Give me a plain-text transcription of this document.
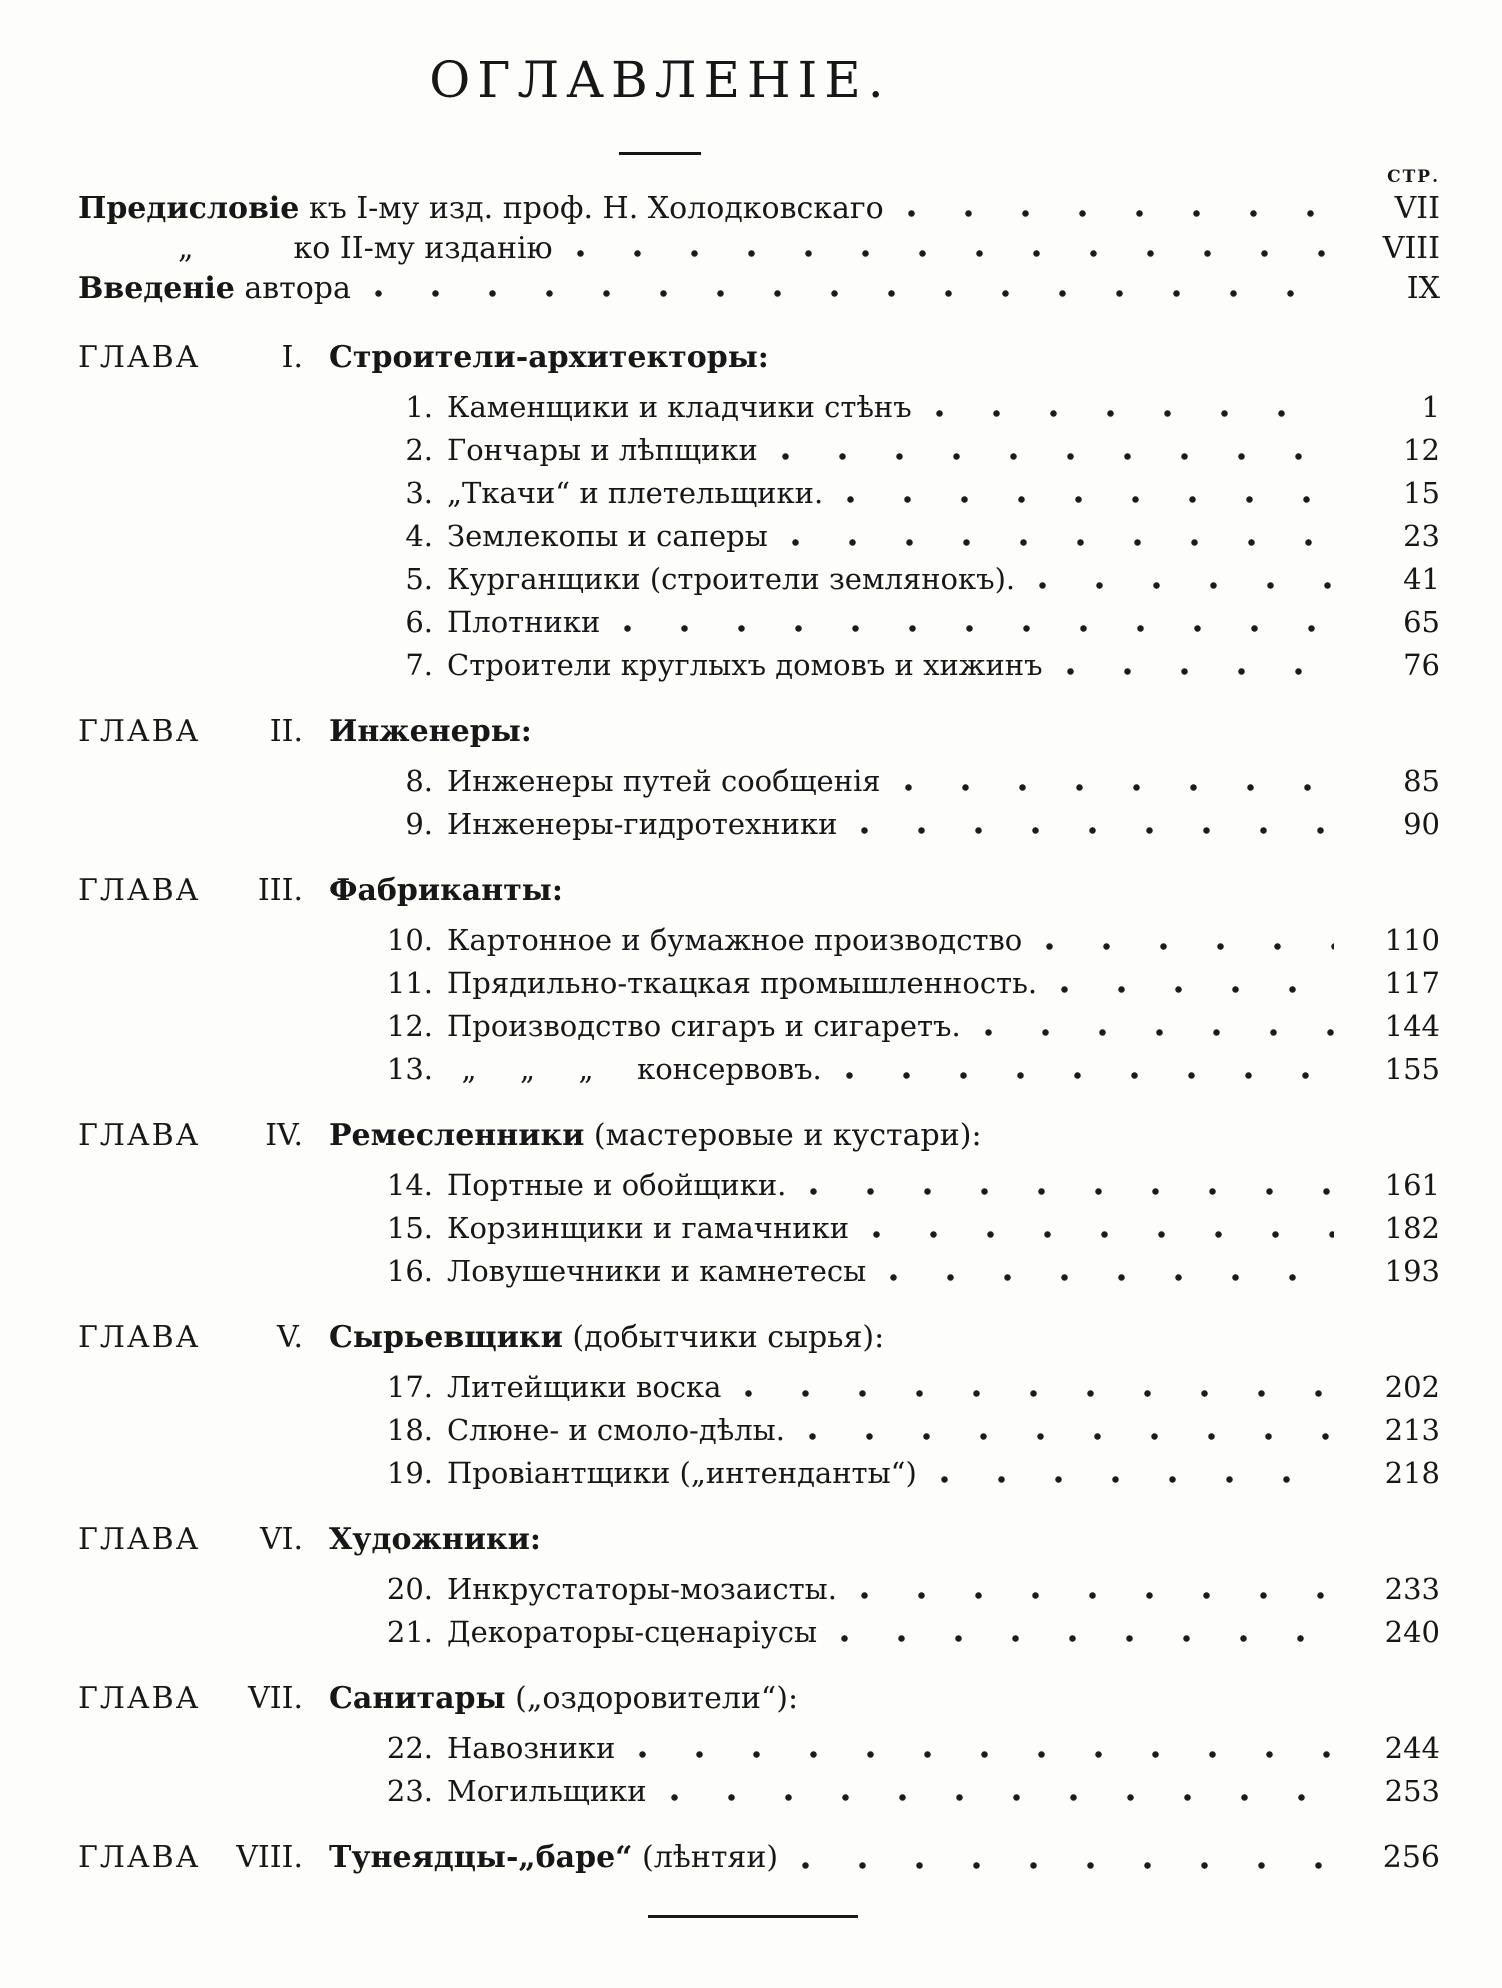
ОГЛАВЛЕНІЕ.
СТР.
Предисловіе къ I-му изд. проф. Н. Холодковскаго	VII
„	ко II-му изданію	VIII
Введеніе автора	IX
ГЛАВА	I. Строители-архитекторы:
1. Каменщики и кладчики стѣнъ	1
2. Гончары и лѣпщики	12
3. „Ткачи“ и плетельщики.	15
4. Землекопы и саперы	23
5. Курганщики (строители землянокъ).	41
6. Плотники	65
7. Строители круглыхъ домовъ и хижинъ	76
ГЛАВА	II. Инженеры:
8. Инженеры путей сообщенія	85
9. Инженеры-гидротехники	90
ГЛАВА	III. Фабриканты:
10. Картонное и бумажное производство	110
11. Прядильно-ткацкая промышленность.	117
12. Производство сигаръ и сигаретъ.	144
13.  „  „  „  консервовъ.	155
ГЛАВА	IV. Ремесленники (мастеровые и кустари):
14. Портные и обойщики.	161
15. Корзинщики и гамачники	182
16. Ловушечники и камнетесы	193
ГЛАВА	V. Сырьевщики (добытчики сырья):
17. Литейщики воска	202
18. Слюне- и смоло-дѣлы.	213
19. Провіантщики („интенданты“)	218
ГЛАВА	VI. Художники:
20. Инкрустаторы-мозаисты.	233
21. Декораторы-сценаріусы	240
ГЛАВА	VII. Санитары („оздоровители“):
22. Навозники	244
23. Могильщики	253
ГЛАВА	VIII. Тунеядцы-„баре“ (лѣнтяи)	256
